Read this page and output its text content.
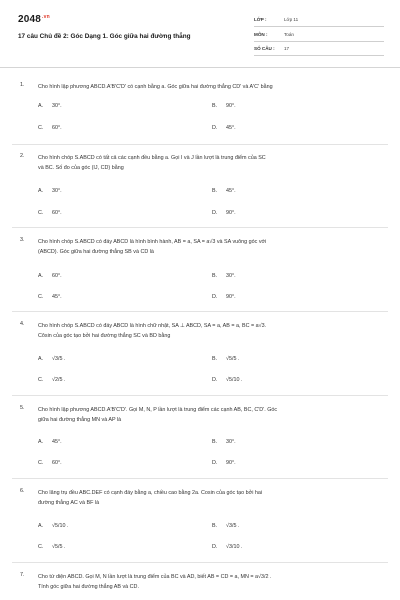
$2048^{.vn}$
17 câu Chủ đề 2: Góc Dạng 1. Góc giữa hai đường thẳng
LỚP :	Lớp 11
MÔN :	Toán
SỐ CÂU : 17
1.	Cho hình lập phương ABCD.A'B'C'D' có cạnh bằng a. Góc giữa hai đường thẳng CD' và A'C' bằng
A. 30°.	B. 90°.
C. 60°.	D. 45°.
2.	Cho hình chóp S.ABCD có tất cả các cạnh đều bằng a. Gọi I và J lần lượt là trung điểm của SC
và BC. Số đo của góc (IJ, CD) bằng
A. 30°.	B. 45°.
C. 60°.	D. 90°.
3.	Cho hình chóp S.ABCD có đáy ABCD là hình bình hành, AB = a, SA = a√3 và SA vuông góc với
(ABCD). Góc giữa hai đường thẳng SB và CD là
A. 60°.	B. 30°.
C. 45°.	D. 90°.
4.	Cho hình chóp S.ABCD có đáy ABCD là hình chữ nhật, SA ⊥ ABCD, SA = a, AB = a, BC = a√3.
Côsin của góc tạo bởi hai đường thẳng SC và BD bằng
A. √3/5 .	B. √5/5 .
C. √2/5 .	D. √5/10 .
5.	Cho hình lập phương ABCD.A'B'C'D'. Gọi M, N, P lần lượt là trung điểm các cạnh AB, BC, C'D'. Góc
giữa hai đường thẳng MN và AP là
A. 45°.	B. 30°.
C. 60°.	D. 90°.
6.	Cho lăng trụ đều ABC.DEF có cạnh đáy bằng a, chiều cao bằng 2a. Cosin của góc tạo bởi hai
đường thẳng AC và BF là
A. √5/10 .	B. √3/5 .
C. √5/5 .	D. √3/10 .
7.	Cho tứ diện ABCD. Gọi M, N lần lượt là trung điểm của BC và AD, biết AB = CD = a, MN = a√3/2 .
Tính góc giữa hai đường thẳng AB và CD.
